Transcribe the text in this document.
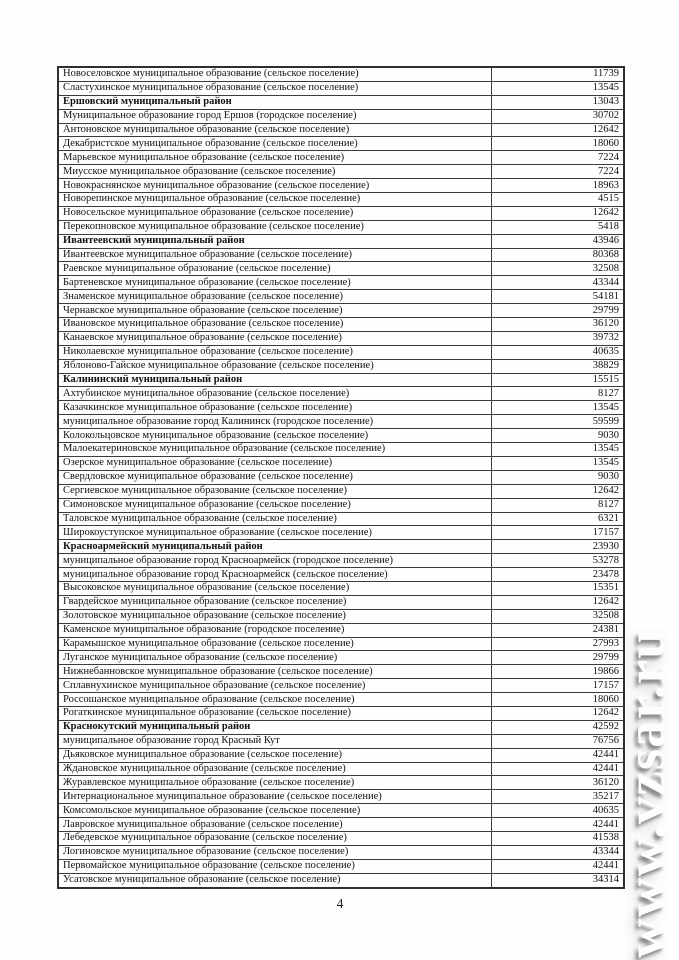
Новоселовское муниципальное образование (сельское поселение)	11739
Сластухинское муниципальное образование (сельское поселение)	13545
Ершовский муниципальный район	13043
Муниципальное образование город Ершов (городское поселение)	30702
Антоновское муниципальное образование (сельское поселение)	12642
Декабристское муниципальное образование (сельское поселение)	18060
Марьевское муниципальное образование (сельское поселение)	7224
Миусское муниципальное образование (сельское поселение)	7224
Новокраснянское муниципальное образование (сельское поселение)	18963
Новорепинское муниципальное образование (сельское поселение)	4515
Новосельское муниципальное образование (сельское поселение)	12642
Перекопновское муниципальное образование (сельское поселение)	5418
Ивантеевский муниципальный район	43946
Ивантеевское муниципальное образование (сельское поселение)	80368
Раевское муниципальное образование (сельское поселение)	32508
Бартеневское муниципальное образование (сельское поселение)	43344
Знаменское муниципальное образование (сельское поселение)	54181
Чернавское муниципальное образование (сельское поселение)	29799
Ивановское муниципальное образование (сельское поселение)	36120
Канаевское муниципальное образование (сельское поселение)	39732
Николаевское муниципальное образование (сельское поселение)	40635
Яблоново-Гайское муниципальное образование (сельское поселение)	38829
Калининский муниципальный район	15515
Ахтубинское муниципальное образование (сельское поселение)	8127
Казачкинское муниципальное образование (сельское поселение)	13545
муниципальное образование город Калининск (городское поселение)	59599
Колокольцовское муниципальное образование (сельское поселение)	9030
Малоекатериновское муниципальное образование (сельское поселение)	13545
Озерское муниципальное образование (сельское поселение)	13545
Свердловское муниципальное образование (сельское поселение)	9030
Сергиевское муниципальное образование (сельское поселение)	12642
Симоновское муниципальное образование (сельское поселение)	8127
Таловское муниципальное образование (сельское поселение)	6321
Широкоуступское муниципальное образование (сельское поселение)	17157
Красноармейский муниципальный район	23930
муниципальное образование город Красноармейск (городское поселение)	53278
муниципальное образование город Красноармейск (сельское поселение)	23478
Высоковское муниципальное образование (сельское поселение)	15351
Гвардейское муниципальное образование (сельское поселение)	12642
Золотовское муниципальное образование (сельское поселение)	32508
Каменское муниципальное образование (городское поселение)	24381
Карамышское муниципальное образование (сельское поселение)	27993
Луганское муниципальное образование (сельское поселение)	29799
Нижнебанновское муниципальное образование (сельское поселение)	19866
Сплавнухинское муниципальное образование (сельское поселение)	17157
Россошанское муниципальное образование (сельское поселение)	18060
Рогаткинское муниципальное образование (сельское поселение)	12642
Краснокутский муниципальный район	42592
муниципальное образование город Красный Кут	76756
Дьяковское муниципальное образование (сельское поселение)	42441
Ждановское муниципальное образование (сельское поселение)	42441
Журавлевское муниципальное образование (сельское поселение)	36120
Интернациональное муниципальное образование (сельское поселение)	35217
Комсомольское муниципальное образование (сельское поселение)	40635
Лавровское муниципальное образование (сельское поселение)	42441
Лебедевское муниципальное образование (сельское поселение)	41538
Логиновское муниципальное образование (сельское поселение)	43344
Первомайское муниципальное образование (сельское поселение)	42441
Усатовское муниципальное образование (сельское поселение)	34314
4	www.vzsar.ru
